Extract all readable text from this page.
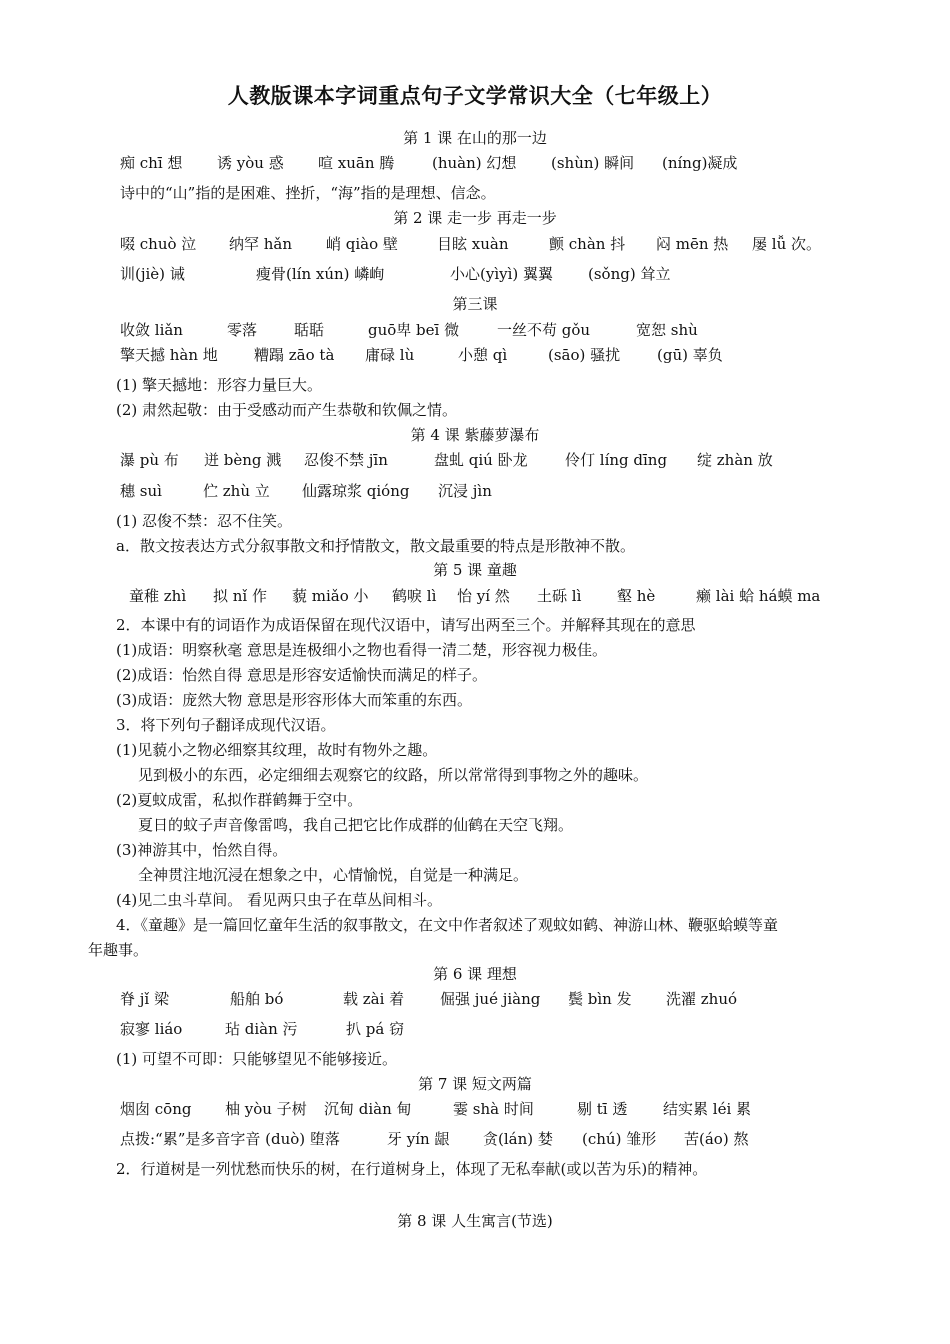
人教版课本字词重点句子文学常识大全（七年级上）
第 1 课 在山的那一边
痴 chī 想 诱 yòu 惑 喧 xuān 腾	(huàn) 幻想 (shùn) 瞬间 (níng)凝成
诗中的“山”指的是困难、挫折，“海”指的是理想、信念。
第 2 课 走一步 再走一步
啜 chuò 泣 纳罕 hǎn 峭 qiào 壁	目眩 xuàn	颤 chàn 抖 闷 mēn 热 屡 lǚ 次。
训(jiè) 诫	瘦骨(lín xún) 嶙峋	小心(yìyì) 翼翼 (sǒng) 耸立
第三课
收敛 liǎn	零落 聒聒	guō卑 beī 微	一丝不苟 gǒu	宽恕 shù
擎天撼 hàn 地 糟蹋 zāo tà 庸碌 lù	小憩 qì	(sāo) 骚扰 (gū) 辜负
(1) 擎天撼地：形容力量巨大。
(2) 肃然起敬：由于受感动而产生恭敬和钦佩之情。
第 4 课 紫藤萝瀑布
瀑 pù 布 迸 bèng 溅 忍俊不禁 jīn	盘虬 qiú 卧龙 伶仃 líng dīng 绽 zhàn 放
穗 suì	伫 zhù 立 仙露琼浆 qióng 沉浸 jìn
(1) 忍俊不禁：忍不住笑。
a．散文按表达方式分叙事散文和抒情散文，散文最重要的特点是形散神不散。
第 5 课 童趣
童稚 zhì 拟 nǐ 作 藐 miǎo 小 鹤唳 lì 怡 yí 然 土砾 lì 壑 hè	癞 lài 蛤 há蟆 ma
2．本课中有的词语作为成语保留在现代汉语中，请写出两至三个。并解释其现在的意思
(1)成语：明察秋毫 意思是连极细小之物也看得一清二楚，形容视力极佳。
(2)成语：怡然自得 意思是形容安适愉快而满足的样子。
(3)成语：庞然大物 意思是形容形体大而笨重的东西。
3．将下列句子翻译成现代汉语。
(1)见藐小之物必细察其纹理，故时有物外之趣。
见到极小的东西，必定细细去观察它的纹路，所以常常得到事物之外的趣味。
(2)夏蚊成雷，私拟作群鹤舞于空中。
夏日的蚊子声音像雷鸣，我自己把它比作成群的仙鹤在天空飞翔。
(3)神游其中，怡然自得。
全神贯注地沉浸在想象之中，心情愉悦，自觉是一种满足。
(4)见二虫斗草间。 看见两只虫子在草丛间相斗。
4．《童趣》是一篇回忆童年生活的叙事散文，在文中作者叙述了观蚊如鹤、神游山林、鞭驱蛤蟆等童
年趣事。
第 6 课 理想
脊 jǐ 梁	船舶 bó	载 zài 着 倔强 jué jiàng 鬓 bìn 发 洗濯 zhuó
寂寥 liáo	玷 diàn 污	扒 pá 窃
(1) 可望不可即：只能够望见不能够接近。
第 7 课 短文两篇
烟囱 cōng 柚 yòu 子树 沉甸 diàn 甸	霎 shà 时间	剔 tī 透 结实累 léi 累
点拨:“累”是多音字音 (duò) 堕落	牙 yín 龈 贪(lán) 婪 (chú) 雏形 苦(áo) 熬
2．行道树是一列忧愁而快乐的树，在行道树身上，体现了无私奉献(或以苦为乐)的精神。
第 8 课 人生寓言(节选)
